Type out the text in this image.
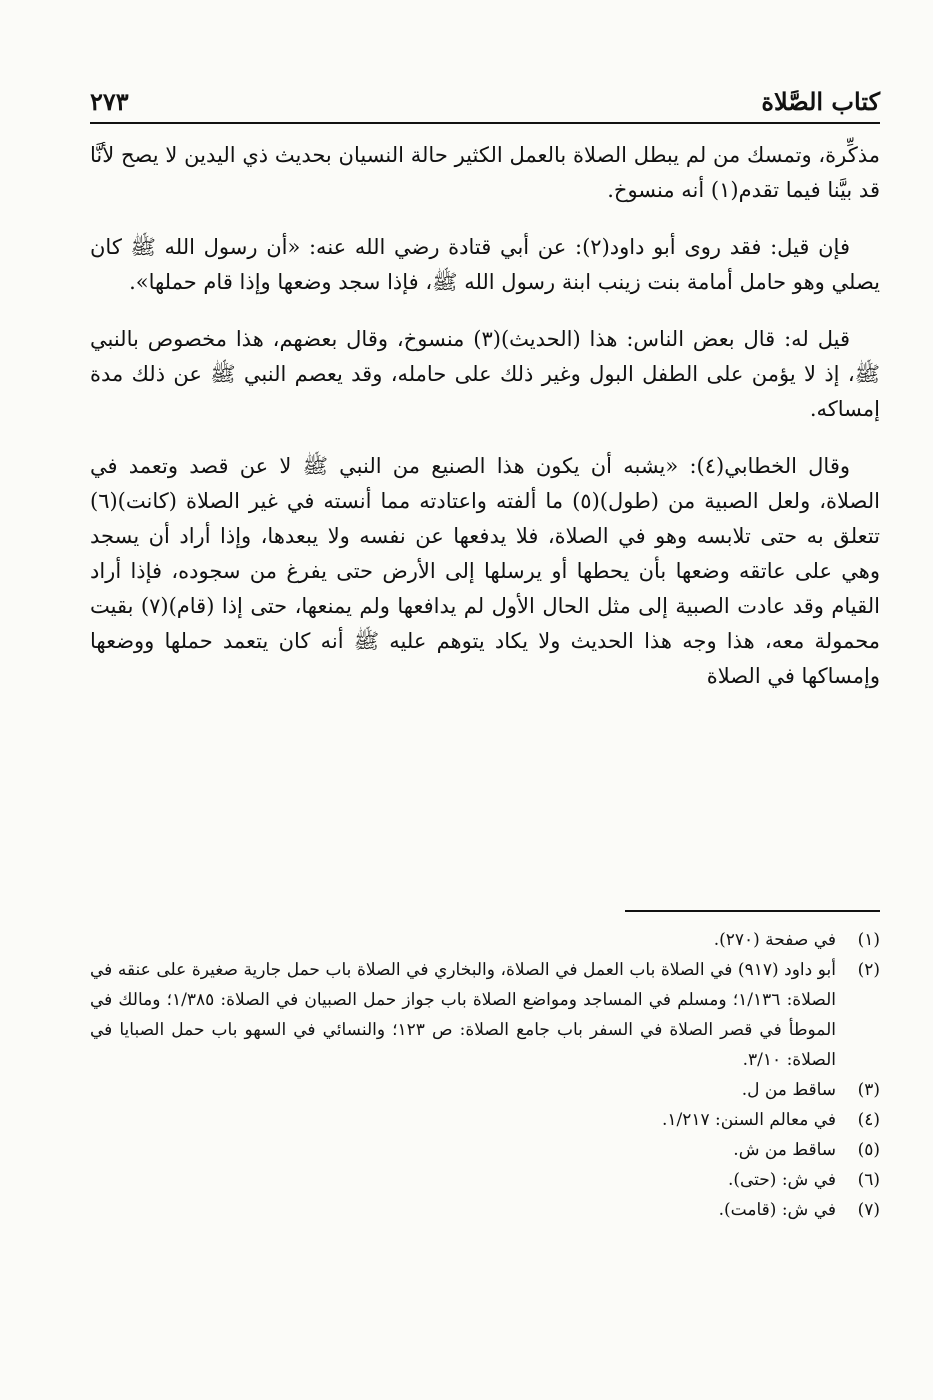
كتاب الصَّلاة
٢٧٣

مذكِّرة، وتمسك من لم يبطل الصلاة بالعمل الكثير حالة النسيان بحديث ذي اليدين لا يصح لأنَّا قد بيَّنا فيما تقدم(١) أنه منسوخ.

فإن قيل: فقد روى أبو داود(٢): عن أبي قتادة رضي الله عنه: «أن رسول الله ﷺ كان يصلي وهو حامل أمامة بنت زينب ابنة رسول الله ﷺ، فإذا سجد وضعها وإذا قام حملها».

قيل له: قال بعض الناس: هذا (الحديث)(٣) منسوخ، وقال بعضهم، هذا مخصوص بالنبي ﷺ، إذ لا يؤمن على الطفل البول وغير ذلك على حامله، وقد يعصم النبي ﷺ عن ذلك مدة إمساكه.

وقال الخطابي(٤): «يشبه أن يكون هذا الصنيع من النبي ﷺ لا عن قصد وتعمد في الصلاة، ولعل الصبية من (طول)(٥) ما ألفته واعتادته مما أنسته في غير الصلاة (كانت)(٦) تتعلق به حتى تلابسه وهو في الصلاة، فلا يدفعها عن نفسه ولا يبعدها، وإذا أراد أن يسجد وهي على عاتقه وضعها بأن يحطها أو يرسلها إلى الأرض حتى يفرغ من سجوده، فإذا أراد القيام وقد عادت الصبية إلى مثل الحال الأول لم يدافعها ولم يمنعها، حتى إذا (قام)(٧) بقيت محمولة معه، هذا وجه هذا الحديث ولا يكاد يتوهم عليه ﷺ أنه كان يتعمد حملها ووضعها وإمساكها في الصلاة

(١)
في صفحة (٢٧٠).
(٢)
أبو داود (٩١٧) في الصلاة باب العمل في الصلاة، والبخاري في الصلاة باب حمل جارية صغيرة على عنقه في الصلاة: ١/١٣٦؛ ومسلم في المساجد ومواضع الصلاة باب جواز حمل الصبيان في الصلاة: ١/٣٨٥؛ ومالك في الموطأ في قصر الصلاة في السفر باب جامع الصلاة: ص ١٢٣؛ والنسائي في السهو باب حمل الصبايا في الصلاة: ٣/١٠.
(٣)
ساقط من ل.
(٤)
في معالم السنن: ١/٢١٧.
(٥)
ساقط من ش.
(٦)
في ش: (حتى).
(٧)
في ش: (قامت).
